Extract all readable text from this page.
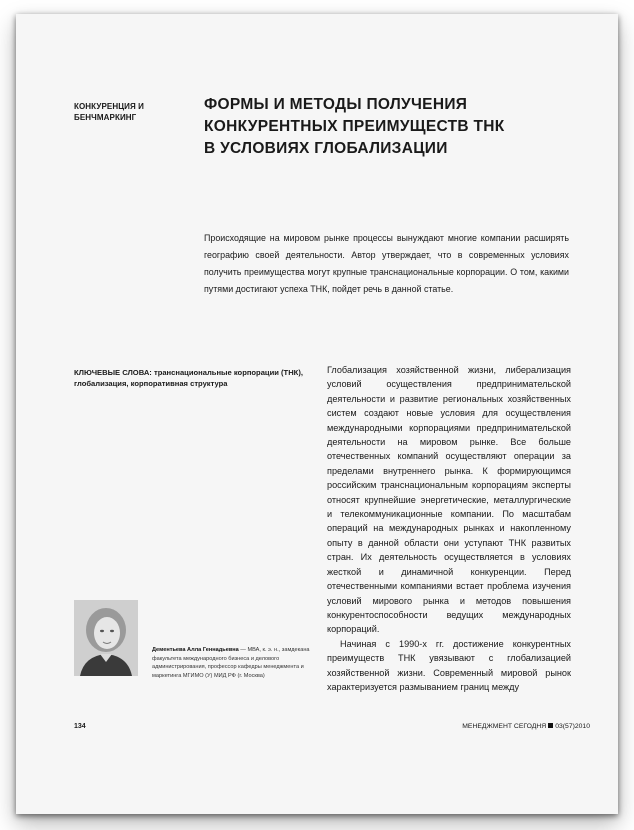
КОНКУРЕНЦИЯ И БЕНЧМАРКИНГ
ФОРМЫ И МЕТОДЫ ПОЛУЧЕНИЯ
КОНКУРЕНТНЫХ ПРЕИМУЩЕСТВ ТНК
В УСЛОВИЯХ ГЛОБАЛИЗАЦИИ
Происходящие на мировом рынке процессы вынуждают многие компании расширять географию своей деятельности. Автор утверждает, что в современных условиях получить преимущества могут крупные транснациональные корпорации. О том, какими путями достигают успеха ТНК, пойдет речь в данной статье.
КЛЮЧЕВЫЕ СЛОВА: транснациональные корпорации (ТНК), глобализация, корпоративная структура

Глобализация хозяйственной жизни, либерализация условий осуществления предпринимательской деятельности и развитие региональных хозяйственных систем создают новые условия для осуществления международными корпорациями предпринимательской деятельности на мировом рынке. Все больше отечественных компаний осуществляют операции за пределами внутреннего рынка. К формирующимся российским транснациональным корпорациям эксперты относят крупнейшие энергетические, металлургические и телекоммуникационные компании. По масштабам операций на международных рынках и накопленному опыту в данной области они уступают ТНК развитых стран. Их деятельность осуществляется в условиях жесткой и динамичной конкуренции. Перед отечественными компаниями встает проблема изучения условий мирового рынка и методов повышения конкурентоспособности ведущих международных корпораций.

Начиная с 1990-х гг. достижение конкурентных преимуществ ТНК увязывают с глобализацией хозяйственной жизни. Современный мировой рынок характеризуется размыванием границ между

Дементьева Алла Геннадьевна — МВА, к. э. н., замдекана факультета международного бизнеса и делового администрирования, профессор кафедры менеджмента и маркетинга МГИМО (У) МИД РФ (г. Москва)
134	МЕНЕДЖМЕНТ СЕГОДНЯ 03(57)2010
